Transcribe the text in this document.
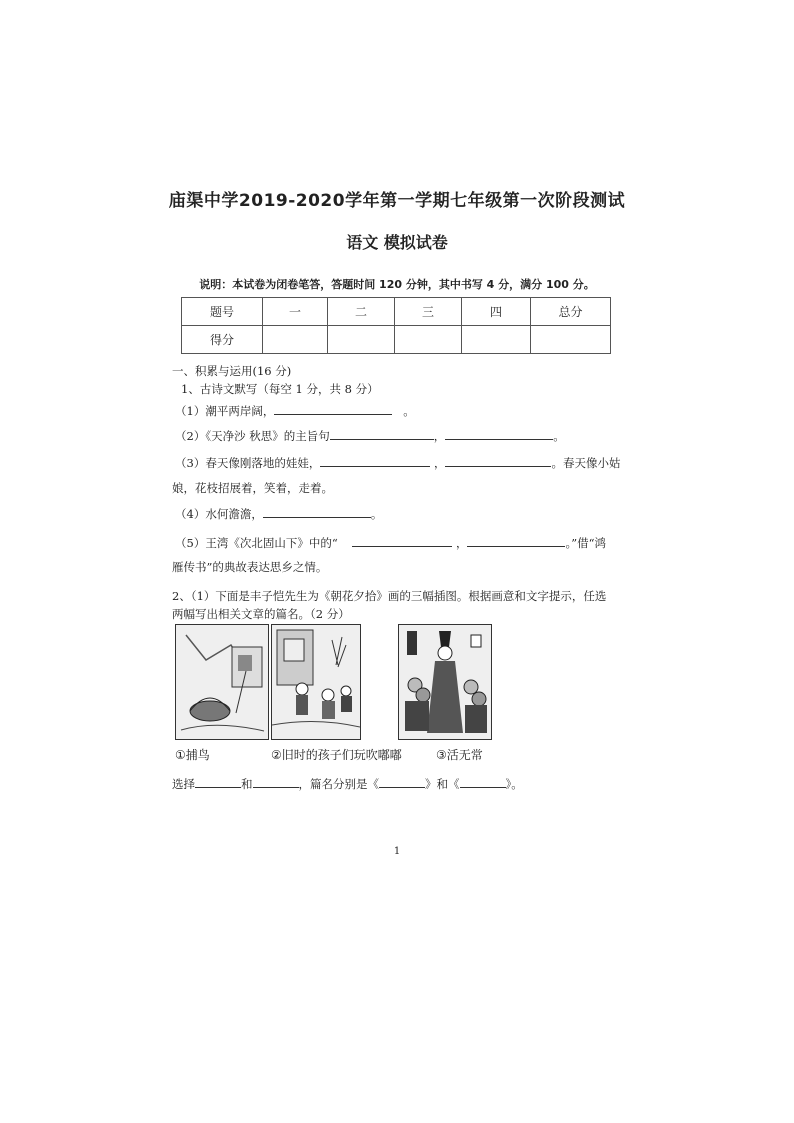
庙渠中学2019-2020学年第一学期七年级第一次阶段测试
语文 模拟试卷
说明：本试卷为闭卷笔答，答题时间 120 分钟，其中书写 4 分，满分 100 分。
题号	一	二	三	四	总分
得分					
一、积累与运用(16 分)
1、古诗文默写（每空 1 分，共 8 分）
（1）潮平两岸阔，	。
（2）《天净沙 秋思》的主旨句	，	。
（3）春天像刚落地的娃娃，	，	。春天像小姑
娘，花枝招展着，笑着，走着。
（4）水何澹澹，	。
（5）王湾《次北固山下》中的“	，	。”借“鸿
雁传书”的典故表达思乡之情。
2、（1）下面是丰子恺先生为《朝花夕拾》画的三幅插图。根据画意和文字提示，任选
两幅写出相关文章的篇名。（2 分）
①捕鸟	②旧时的孩子们玩吹嘟嘟	③活无常
选择	和	，篇名分别是《	》和《	》。
1
